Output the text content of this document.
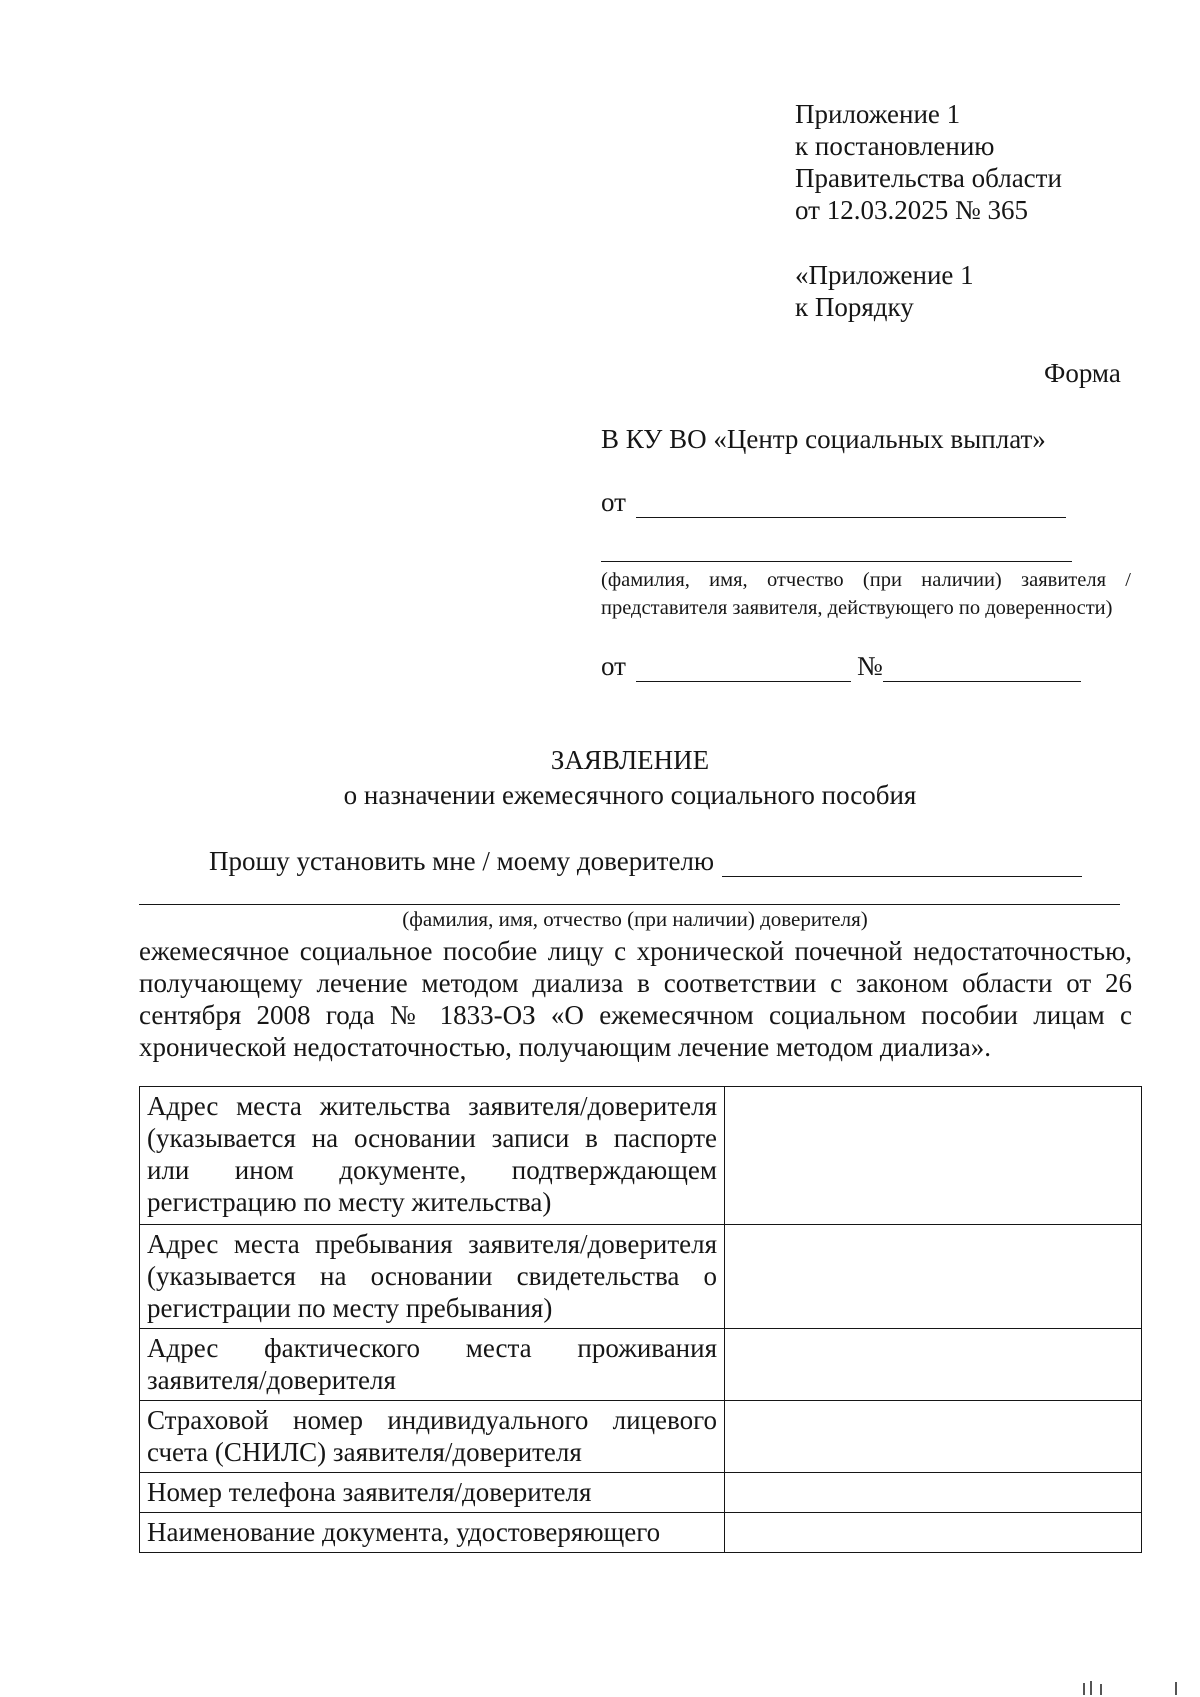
Приложение 1
к постановлению
Правительства области
от 12.03.2025 № 365
«Приложение 1
к Порядку
Форма
В КУ ВО «Центр социальных выплат»
от
(фамилия, имя, отчество (при наличии) заявителя / представителя заявителя, действующего по доверенности)
от	№
ЗАЯВЛЕНИЕ
о назначении ежемесячного социального пособия
Прошу установить мне / моему доверителю
(фамилия, имя, отчество (при наличии) доверителя)
ежемесячное социальное пособие лицу с хронической почечной недостаточностью, получающему лечение методом диализа в соответствии с законом области от 26 сентября 2008 года № 1833-ОЗ «О ежемесячном социальном пособии лицам с хронической недостаточностью, получающим лечение методом диализа».
Адрес места жительства заявителя/доверителя (указывается на основании записи в паспорте или ином документе, подтверждающем регистрацию по месту жительства)	
Адрес места пребывания заявителя/доверителя (указывается на основании свидетельства о регистрации по месту пребывания)	
Адрес фактического места проживания заявителя/доверителя	
Страховой номер индивидуального лицевого счета (СНИЛС) заявителя/доверителя	
Номер телефона заявителя/доверителя	
Наименование документа, удостоверяющего	
